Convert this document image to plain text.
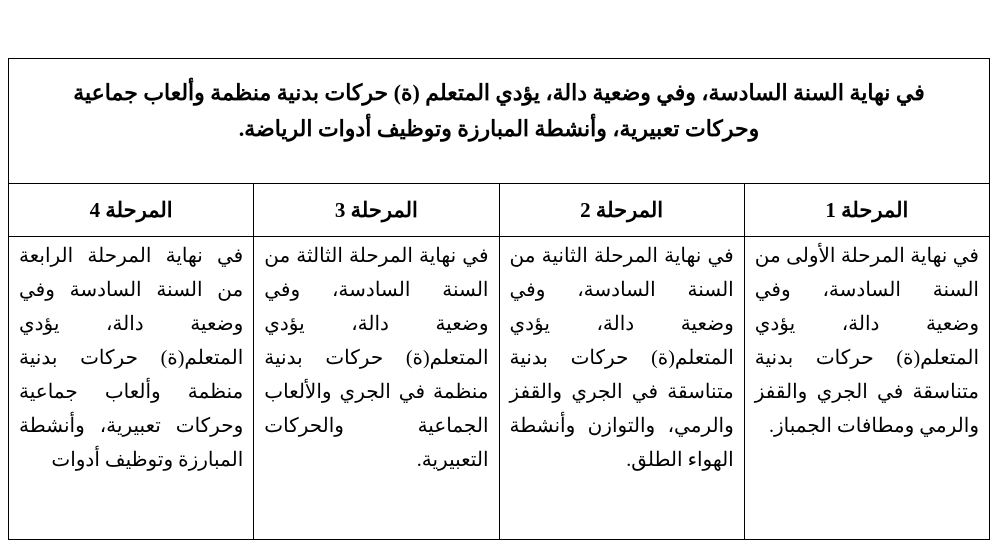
في نهاية السنة السادسة، وفي وضعية دالة، يؤدي المتعلم (ة) حركات بدنية منظمة وألعاب جماعية
وحركات تعبيرية، وأنشطة المبارزة وتوظيف أدوات الرياضة.			

المرحلة 1	المرحلة 2	المرحلة 3	المرحلة 4

في نهاية المرحلة الأولى من السنة السادسة، وفي وضعية دالة، يؤدي المتعلم(ة) حركات بدنية متناسقة في الجري والقفز والرمي ومطافات الجمباز.	في نهاية المرحلة الثانية من السنة السادسة، وفي وضعية دالة، يؤدي المتعلم(ة) حركات بدنية متناسقة في الجري والقفز والرمي، والتوازن وأنشطة الهواء الطلق.	في نهاية المرحلة الثالثة من السنة السادسة، وفي وضعية دالة، يؤدي المتعلم(ة) حركات بدنية منظمة في الجري والألعاب الجماعية والحركات التعبيرية.	في نهاية المرحلة الرابعة من السنة السادسة وفي وضعية دالة، يؤدي المتعلم(ة) حركات بدنية منظمة وألعاب جماعية وحركات تعبيرية، وأنشطة المبارزة وتوظيف أدوات
